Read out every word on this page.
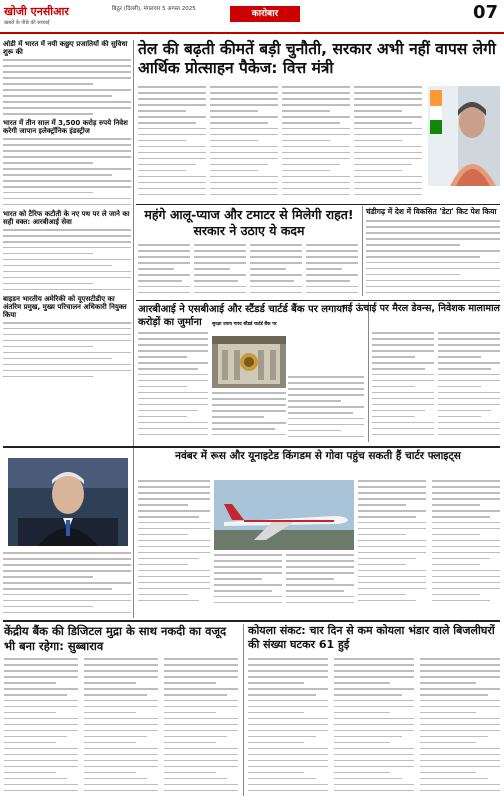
खोजी एनसीआर
खबरों के पीछे की सच्चाई
बिठूर (दिल्ली), मंगलवार 5 अगस्त 2025	कारोबार	07
ओडी में भारत में नयी कछुए प्रजातियों की सुविधा शुरू की
भारत में तीन साल में 3,500 करोड़ रुपये निवेश करेगी जापान इलेक्ट्रॉनिक इंडस्ट्रीज
भारत को टैरिफ कटौती के नए पथ पर ले जाने का सही वक्त: आरबीआई सेवा
बाइडन भारतीय अमेरिकी को यूएसटीडीए का अंतरिम प्रमुख, मुख्य परिचालन अधिकारी नियुक्त किया
तेल की बढ़ती कीमतें बड़ी चुनौती, सरकार अभी नहीं वापस लेगी आर्थिक प्रोत्साहन पैकेज: वित्त मंत्री
महंगे आलू-प्याज और टमाटर से मिलेगी राहत! सरकार ने उठाए ये कदम
चंडीगढ़ में देश में विकसित 'डेटा' किट पेश किया
आरबीआई ने एसबीआई और स्टैंडर्ड चार्टर्ड बैंक पर लगाया करोड़ों का जुर्माना	सुरक्षा उपाय गारद स्टैंडर्ड चार्टर्ड बैंक पर
नई ऊंचाई पर मैरल डेवन्स, निवेशक मालामाल
नवंबर में रूस और यूनाइटेड किंगडम से गोवा पहुंच सकती हैं चार्टर फ्लाइट्स
केंद्रीय बैंक की डिजिटल मुद्रा के साथ नकदी का वजूद भी बना रहेगा: सुब्बाराव
कोयला संकट: चार दिन से कम कोयला भंडार वाले बिजलीघरों की संख्या घटकर 61 हुई
